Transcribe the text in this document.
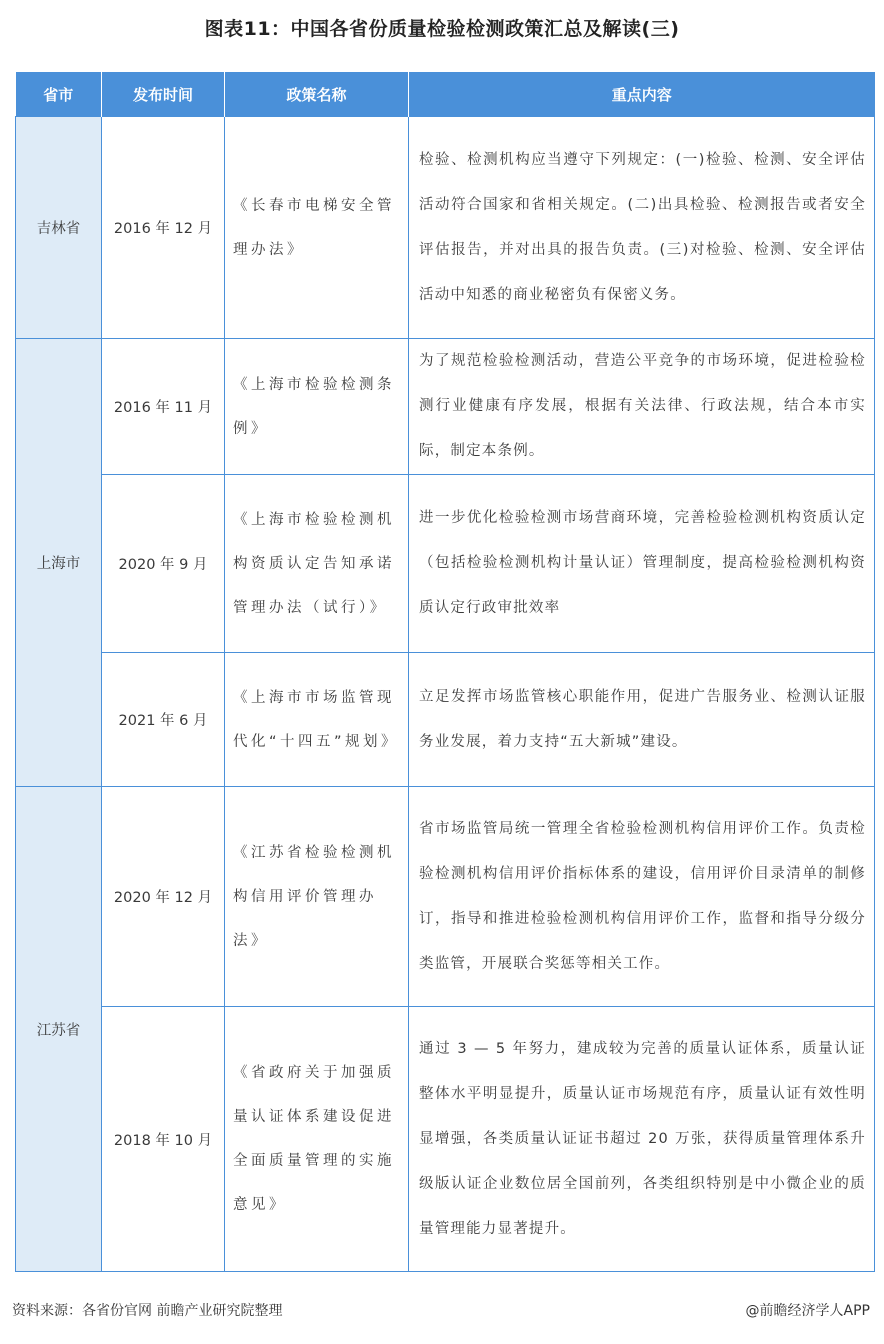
图表11：中国各省份质量检验检测政策汇总及解读(三)
省市	发布时间	政策名称	重点内容
吉林省	2016 年 12 月	《长春市电梯安全管理办法》	检验、检测机构应当遵守下列规定：(一)检验、检测、安全评估活动符合国家和省相关规定。(二)出具检验、检测报告或者安全评估报告，并对出具的报告负责。(三)对检验、检测、安全评估活动中知悉的商业秘密负有保密义务。
上海市	2016 年 11 月	《上海市检验检测条例》	为了规范检验检测活动，营造公平竞争的市场环境，促进检验检测行业健康有序发展，根据有关法律、行政法规，结合本市实际，制定本条例。
	2020 年 9 月	《上海市检验检测机构资质认定告知承诺管理办法（试行）》	进一步优化检验检测市场营商环境，完善检验检测机构资质认定（包括检验检测机构计量认证）管理制度，提高检验检测机构资质认定行政审批效率
	2021 年 6 月	《上海市市场监管现代化“十四五”规划》	立足发挥市场监管核心职能作用，促进广告服务业、检测认证服务业发展，着力支持“五大新城”建设。
江苏省	2020 年 12 月	《江苏省检验检测机构信用评价管理办法》	省市场监管局统一管理全省检验检测机构信用评价工作。负责检验检测机构信用评价指标体系的建设，信用评价目录清单的制修订，指导和推进检验检测机构信用评价工作，监督和指导分级分类监管，开展联合奖惩等相关工作。
	2018 年 10 月	《省政府关于加强质量认证体系建设促进全面质量管理的实施意见》	通过 3 — 5 年努力，建成较为完善的质量认证体系，质量认证整体水平明显提升，质量认证市场规范有序，质量认证有效性明显增强，各类质量认证证书超过 20 万张，获得质量管理体系升级版认证企业数位居全国前列，各类组织特别是中小微企业的质量管理能力显著提升。
资料来源：各省份官网 前瞻产业研究院整理	@前瞻经济学人APP
